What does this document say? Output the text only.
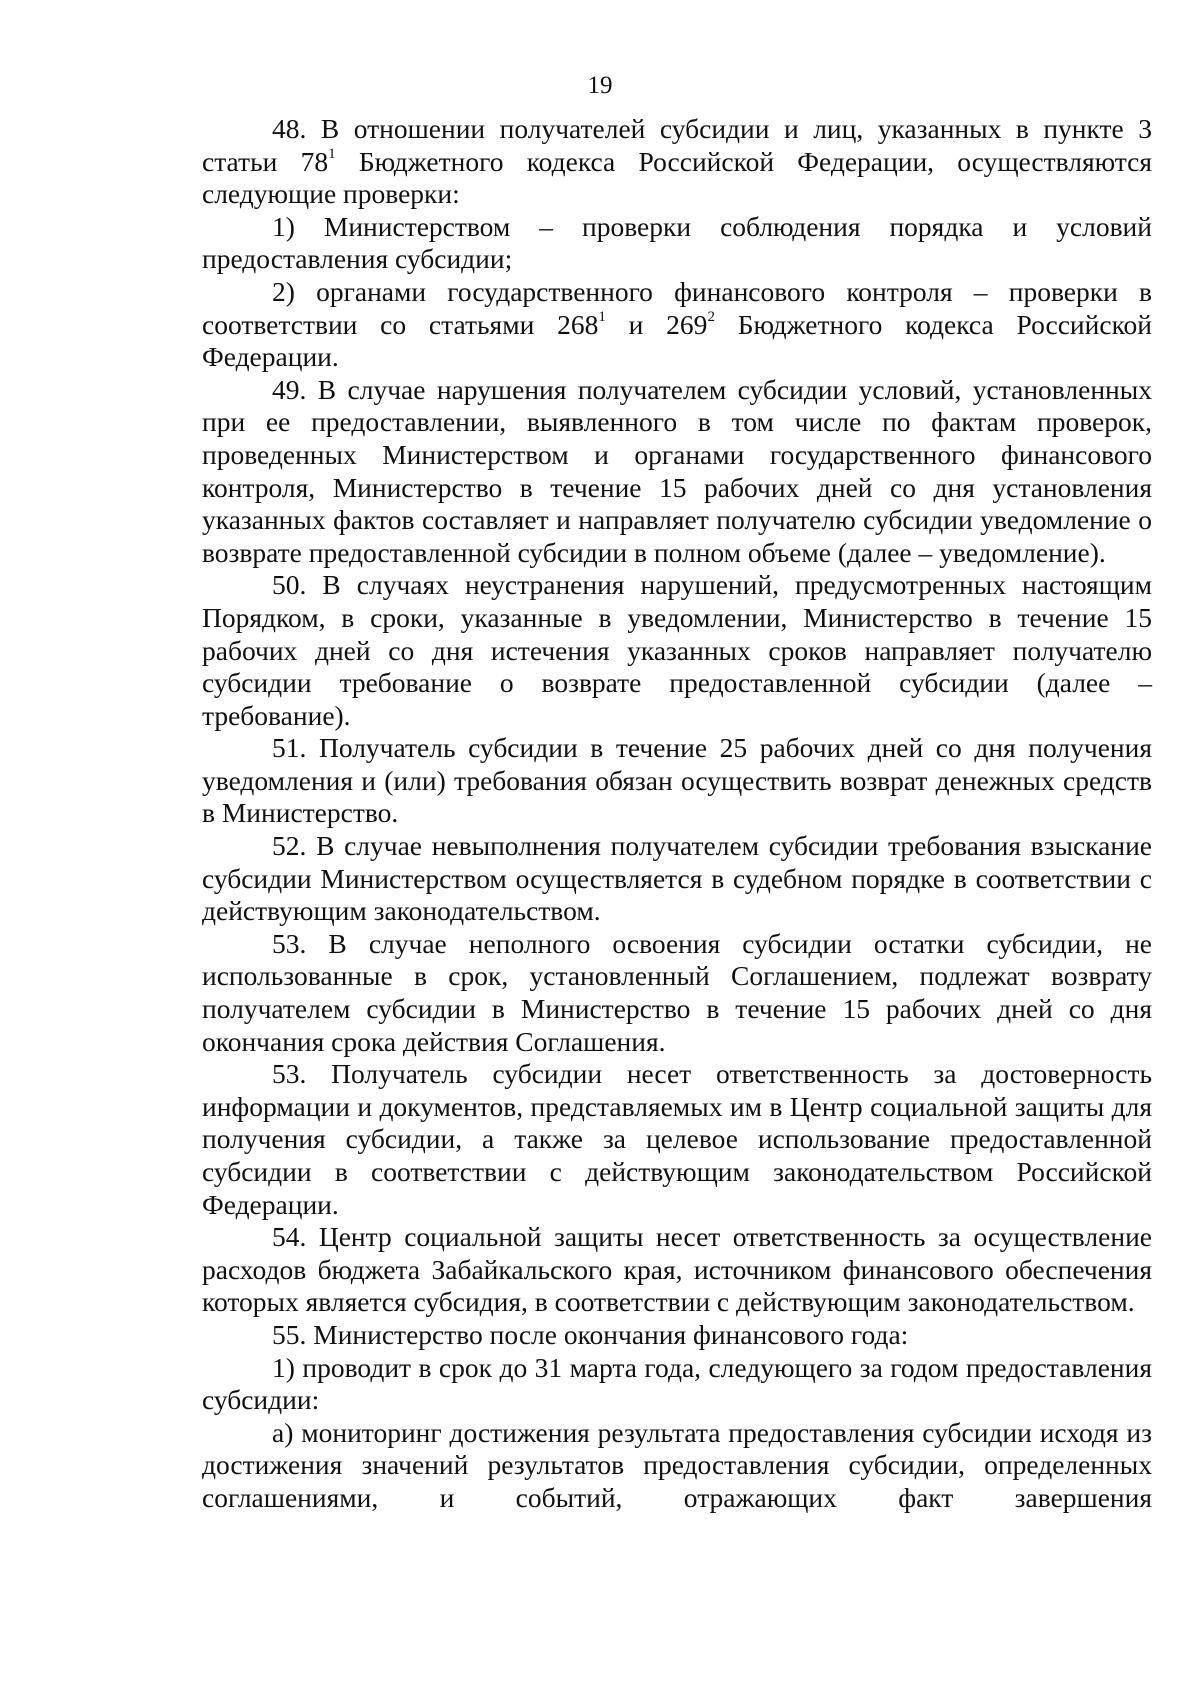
19

48. В отношении получателей субсидии и лиц, указанных в пункте 3 статьи $78^1$ Бюджетного кодекса Российской Федерации, осуществляются следующие проверки:

1) Министерством – проверки соблюдения порядка и условий предоставления субсидии;

2) органами государственного финансового контроля – проверки в соответствии со статьями $268^1$ и $269^2$ Бюджетного кодекса Российской Федерации.

49. В случае нарушения получателем субсидии условий, установленных при ее предоставлении, выявленного в том числе по фактам проверок, проведенных Министерством и органами государственного финансового контроля, Министерство в течение 15 рабочих дней со дня установления указанных фактов составляет и направляет получателю субсидии уведомление о возврате предоставленной субсидии в полном объеме (далее – уведомление).

50. В случаях неустранения нарушений, предусмотренных настоящим Порядком, в сроки, указанные в уведомлении, Министерство в течение 15 рабочих дней со дня истечения указанных сроков направляет получателю субсидии требование о возврате предоставленной субсидии (далее – требование).

51. Получатель субсидии в течение 25 рабочих дней со дня получения уведомления и (или) требования обязан осуществить возврат денежных средств в Министерство.

52. В случае невыполнения получателем субсидии требования взыскание субсидии Министерством осуществляется в судебном порядке в соответствии с действующим законодательством.

53. В случае неполного освоения субсидии остатки субсидии, не использованные в срок, установленный Соглашением, подлежат возврату получателем субсидии в Министерство в течение 15 рабочих дней со дня окончания срока действия Соглашения.

53. Получатель субсидии несет ответственность за достоверность информации и документов, представляемых им в Центр социальной защиты для получения субсидии, а также за целевое использование предоставленной субсидии в соответствии с действующим законодательством Российской Федерации.

54. Центр социальной защиты несет ответственность за осуществление расходов бюджета Забайкальского края, источником финансового обеспечения которых является субсидия, в соответствии с действующим законодательством.

55. Министерство после окончания финансового года:

1) проводит в срок до 31 марта года, следующего за годом предоставления субсидии:

а) мониторинг достижения результата предоставления субсидии исходя из достижения значений результатов предоставления субсидии, определенных соглашениями, и событий, отражающих факт завершения
